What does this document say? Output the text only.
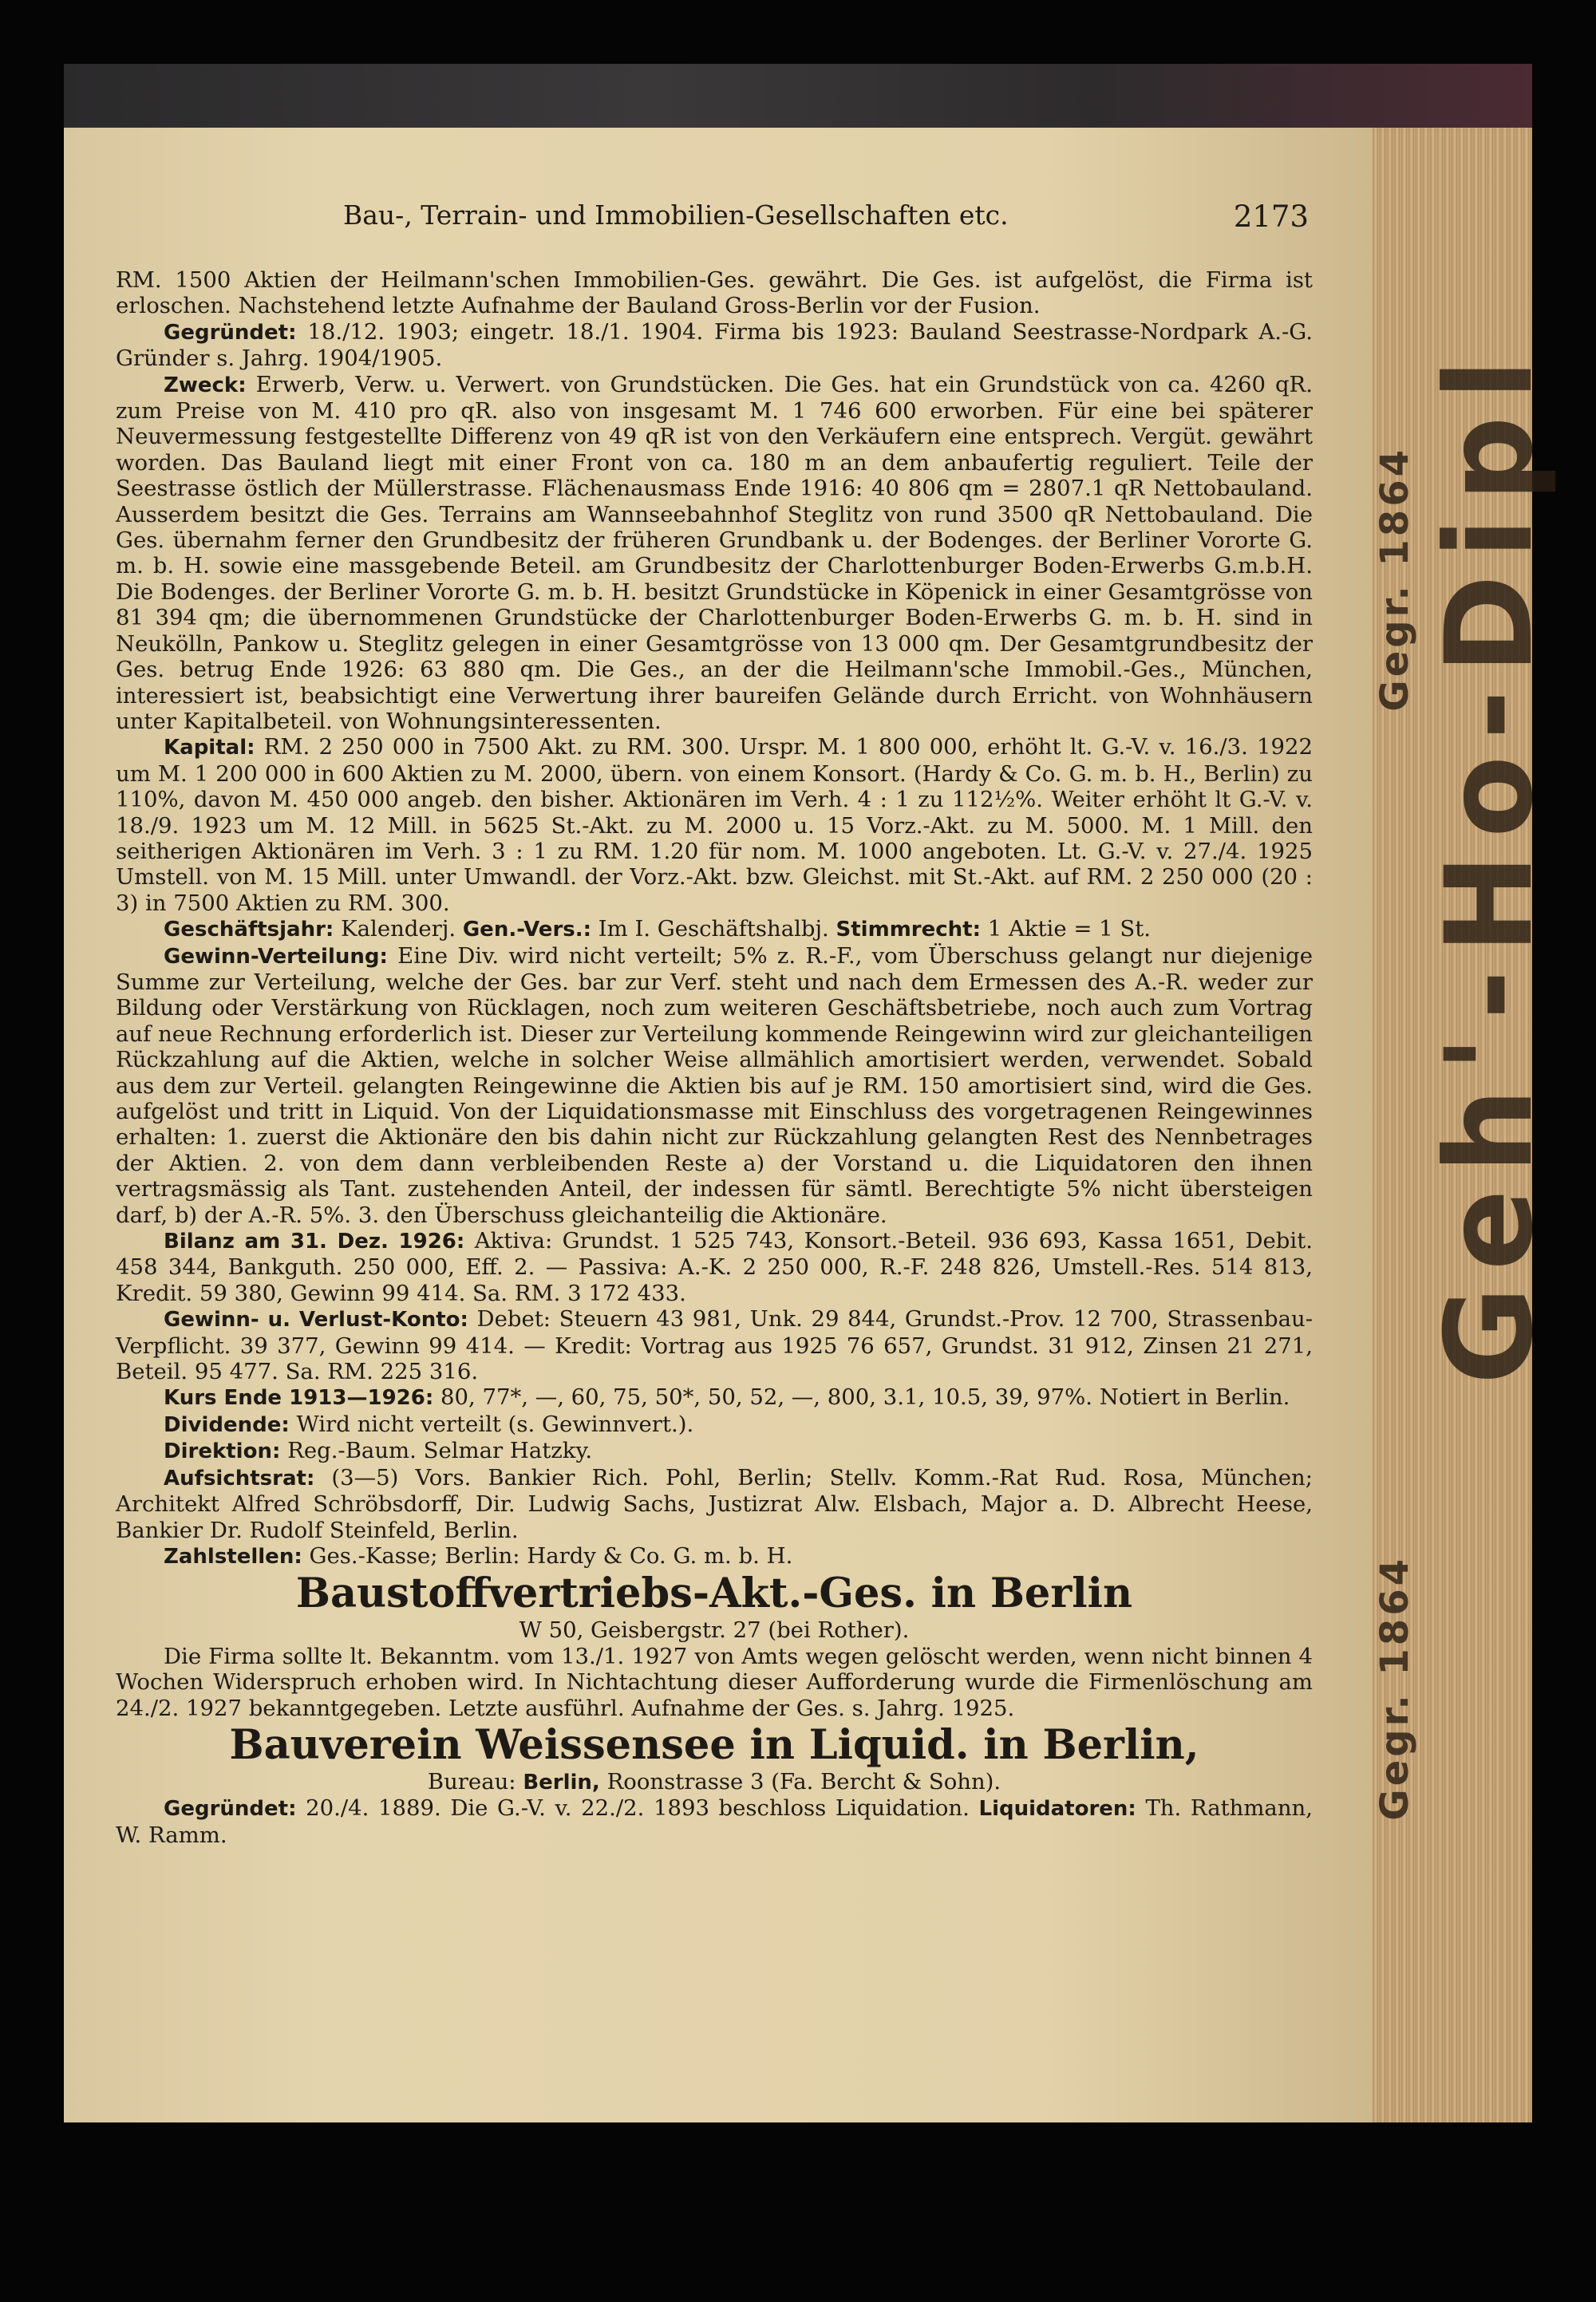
Gegr. 1864 Geh'-Ho-Dipl
Gegr. 1864
Bau-, Terrain- und Immobilien-Gesellschaften etc.	2173

RM. 1500 Aktien der Heilmann'schen Immobilien-Ges. gewährt. Die Ges. ist aufgelöst, die Firma ist erloschen. Nachstehend letzte Aufnahme der Bauland Gross-Berlin vor der Fusion.

Gegründet: 18./12. 1903; eingetr. 18./1. 1904. Firma bis 1923: Bauland Seestrasse-Nordpark A.-G. Gründer s. Jahrg. 1904/1905.

Zweck: Erwerb, Verw. u. Verwert. von Grundstücken. Die Ges. hat ein Grundstück von ca. 4260 qR. zum Preise von M. 410 pro qR. also von insgesamt M. 1 746 600 erworben. Für eine bei späterer Neuvermessung festgestellte Differenz von 49 qR ist von den Verkäufern eine entsprech. Vergüt. gewährt worden. Das Bauland liegt mit einer Front von ca. 180 m an dem anbaufertig reguliert. Teile der Seestrasse östlich der Müllerstrasse. Flächenausmass Ende 1916: 40 806 qm = 2807.1 qR Nettobauland. Ausserdem besitzt die Ges. Terrains am Wannseebahnhof Steglitz von rund 3500 qR Nettobauland. Die Ges. übernahm ferner den Grundbesitz der früheren Grundbank u. der Bodenges. der Berliner Vororte G. m. b. H. sowie eine massgebende Beteil. am Grundbesitz der Charlottenburger Boden-Erwerbs G.m.b.H. Die Bodenges. der Berliner Vororte G. m. b. H. besitzt Grundstücke in Köpenick in einer Gesamtgrösse von 81 394 qm; die übernommenen Grundstücke der Charlottenburger Boden-Erwerbs G. m. b. H. sind in Neukölln, Pankow u. Steglitz gelegen in einer Gesamtgrösse von 13 000 qm. Der Gesamtgrundbesitz der Ges. betrug Ende 1926: 63 880 qm. Die Ges., an der die Heilmann'sche Immobil.-Ges., München, interessiert ist, beabsichtigt eine Verwertung ihrer baureifen Gelände durch Erricht. von Wohnhäusern unter Kapitalbeteil. von Wohnungsinteressenten.

Kapital: RM. 2 250 000 in 7500 Akt. zu RM. 300. Urspr. M. 1 800 000, erhöht lt. G.-V. v. 16./3. 1922 um M. 1 200 000 in 600 Aktien zu M. 2000, übern. von einem Konsort. (Hardy & Co. G. m. b. H., Berlin) zu 110%, davon M. 450 000 angeb. den bisher. Aktionären im Verh. 4 : 1 zu 112½%. Weiter erhöht lt G.-V. v. 18./9. 1923 um M. 12 Mill. in 5625 St.-Akt. zu M. 2000 u. 15 Vorz.-Akt. zu M. 5000. M. 1 Mill. den seitherigen Aktionären im Verh. 3 : 1 zu RM. 1.20 für nom. M. 1000 angeboten. Lt. G.-V. v. 27./4. 1925 Umstell. von M. 15 Mill. unter Umwandl. der Vorz.-Akt. bzw. Gleichst. mit St.-Akt. auf RM. 2 250 000 (20 : 3) in 7500 Aktien zu RM. 300.

Geschäftsjahr: Kalenderj. Gen.-Vers.: Im I. Geschäftshalbj. Stimmrecht: 1 Aktie = 1 St.

Gewinn-Verteilung: Eine Div. wird nicht verteilt; 5% z. R.-F., vom Überschuss gelangt nur diejenige Summe zur Verteilung, welche der Ges. bar zur Verf. steht und nach dem Ermessen des A.-R. weder zur Bildung oder Verstärkung von Rücklagen, noch zum weiteren Geschäftsbetriebe, noch auch zum Vortrag auf neue Rechnung erforderlich ist. Dieser zur Verteilung kommende Reingewinn wird zur gleichanteiligen Rückzahlung auf die Aktien, welche in solcher Weise allmählich amortisiert werden, verwendet. Sobald aus dem zur Verteil. gelangten Reingewinne die Aktien bis auf je RM. 150 amortisiert sind, wird die Ges. aufgelöst und tritt in Liquid. Von der Liquidationsmasse mit Einschluss des vorgetragenen Reingewinnes erhalten: 1. zuerst die Aktionäre den bis dahin nicht zur Rückzahlung gelangten Rest des Nennbetrages der Aktien. 2. von dem dann verbleibenden Reste a) der Vorstand u. die Liquidatoren den ihnen vertragsmässig als Tant. zustehenden Anteil, der indessen für sämtl. Berechtigte 5% nicht übersteigen darf, b) der A.-R. 5%. 3. den Überschuss gleichanteilig die Aktionäre.

Bilanz am 31. Dez. 1926: Aktiva: Grundst. 1 525 743, Konsort.-Beteil. 936 693, Kassa 1651, Debit. 458 344, Bankguth. 250 000, Eff. 2. — Passiva: A.-K. 2 250 000, R.-F. 248 826, Umstell.-Res. 514 813, Kredit. 59 380, Gewinn 99 414. Sa. RM. 3 172 433.

Gewinn- u. Verlust-Konto: Debet: Steuern 43 981, Unk. 29 844, Grundst.-Prov. 12 700, Strassenbau-Verpflicht. 39 377, Gewinn 99 414. — Kredit: Vortrag aus 1925 76 657, Grundst. 31 912, Zinsen 21 271, Beteil. 95 477. Sa. RM. 225 316.

Kurs Ende 1913—1926: 80, 77*, —, 60, 75, 50*, 50, 52, —, 800, 3.1, 10.5, 39, 97%. Notiert in Berlin.

Dividende: Wird nicht verteilt (s. Gewinnvert.).

Direktion: Reg.-Baum. Selmar Hatzky.

Aufsichtsrat: (3—5) Vors. Bankier Rich. Pohl, Berlin; Stellv. Komm.-Rat Rud. Rosa, München; Architekt Alfred Schröbsdorff, Dir. Ludwig Sachs, Justizrat Alw. Elsbach, Major a. D. Albrecht Heese, Bankier Dr. Rudolf Steinfeld, Berlin.

Zahlstellen: Ges.-Kasse; Berlin: Hardy & Co. G. m. b. H.

Baustoffvertriebs-Akt.-Ges. in Berlin

W 50, Geisbergstr. 27 (bei Rother).

Die Firma sollte lt. Bekanntm. vom 13./1. 1927 von Amts wegen gelöscht werden, wenn nicht binnen 4 Wochen Widerspruch erhoben wird. In Nichtachtung dieser Aufforderung wurde die Firmenlöschung am 24./2. 1927 bekanntgegeben. Letzte ausführl. Aufnahme der Ges. s. Jahrg. 1925.

Bauverein Weissensee in Liquid. in Berlin,

Bureau: Berlin, Roonstrasse 3 (Fa. Bercht & Sohn).

Gegründet: 20./4. 1889. Die G.-V. v. 22./2. 1893 beschloss Liquidation. Liquidatoren: Th. Rathmann, W. Ramm.
